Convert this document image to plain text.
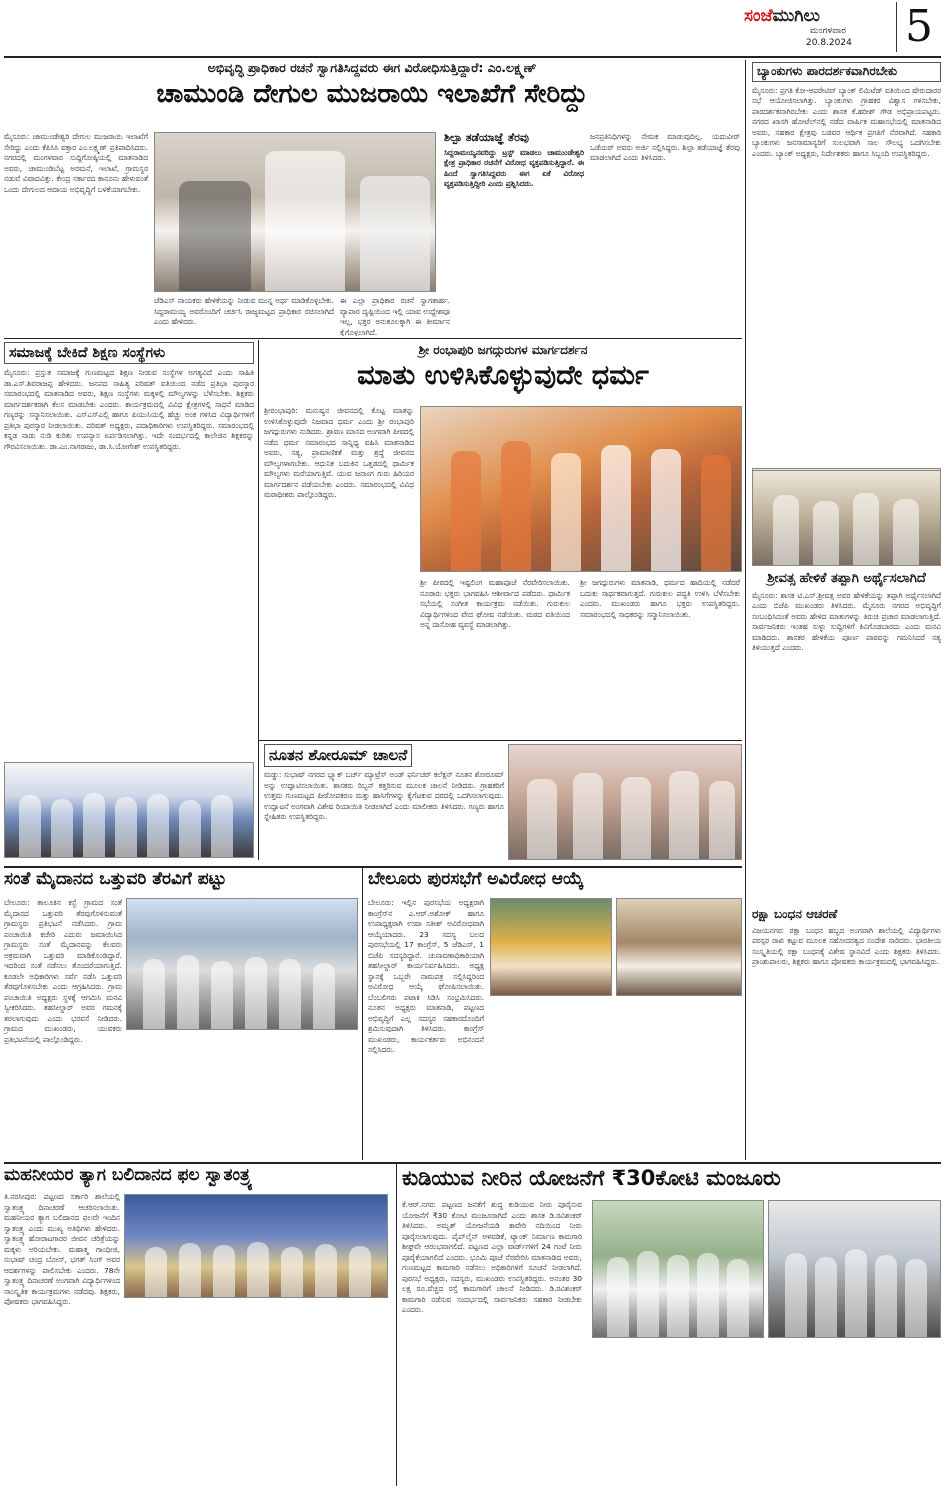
ಸಂಜೆಮುಗಿಲು
ಮಂಗಳವಾರ
20.8.2024 5
ಅಭಿವೃದ್ಧಿ ಪ್ರಾಧಿಕಾರ ರಚನೆ ಸ್ವಾಗತಿಸಿದ್ದವರು ಈಗ ವಿರೋಧಿಸುತ್ತಿದ್ದಾರೆ: ಎಂ.ಲಕ್ಷ್ಮಣ್
ಚಾಮುಂಡಿ ದೇಗುಲ ಮುಜರಾಯಿ ಇಲಾಖೆಗೆ ಸೇರಿದ್ದು
ಮೈಸೂರು: ಚಾಮುಂಡೇಶ್ವರಿ ದೇಗುಲ ಮುಜರಾಯಿ ಇಲಾಖೆಗೆ ಸೇರಿದ್ದು ಎಂದು ಕೆಪಿಸಿಸಿ ವಕ್ತಾರ ಎಂ.ಲಕ್ಷ್ಮಣ್ ಪ್ರತಿಪಾದಿಸಿದರು. ನಗರದಲ್ಲಿ ಮಂಗಳವಾರ ಸುದ್ದಿಗೋಷ್ಠಿಯಲ್ಲಿ ಮಾತನಾಡಿದ ಅವರು, ಚಾಮುಂಡಿಬೆಟ್ಟ ಅರಮನೆ, ಇಲಾಖೆ, ಗ್ರಾಮಸ್ಥರ ನಡುವೆ ವಿವಾದವಿತ್ತು. ಕೇಂದ್ರ ಸರ್ಕಾರದ ಕಾನೂನು ಹೇಳುವಂತೆ ಒಂದು ದೇಗುಲದ ಆದಾಯ ಅಭಿವೃದ್ಧಿಗೆ ಬಳಕೆಯಾಗಬೇಕು.
ಜೆಡಿಎಸ್ ನಾಯಕರು ಹೇಳಿಕೆಯನ್ನು ನೀಡುವ ಮುನ್ನ ಅರ್ಥ ಮಾಡಿಕೊಳ್ಳಬೇಕು. ಸಿದ್ದರಾಮಯ್ಯ ಅವರೊಂದಿಗೆ ಚರ್ಚಿಸಿ ರಾಜ್ಯಮಟ್ಟದ ಪ್ರಾಧಿಕಾರ ರಚಿಸಲಾಗಿದೆ ಎಂದು ಹೇಳಿದರು.
ಈ ಎಲ್ಲಾ ಪ್ರಾಧಿಕಾರ ರಚನೆ ಸ್ವಾಗತಾರ್ಹ. ವ್ಯಾಪಾರ ದೃಷ್ಟಿಯಿಂದ ಇಲ್ಲಿ ಯಾವ ಉದ್ದೇಶವೂ ಇಲ್ಲ, ಭಕ್ತರ ಅನುಕೂಲಕ್ಕಾಗಿ ಈ ತೀರ್ಮಾನ ಕೈಗೊಳ್ಳಲಾಗಿದೆ.
ಶಿಲ್ಪಾ ತಡೆಯಾಜ್ಞೆ ತೆರವು
ಸಿದ್ದರಾಮಯ್ಯನವರಿದ್ದು ಟ್ರಸ್ಟ್ ಮಾಡಲು ಚಾಮುಂಡೇಶ್ವರಿ ಕ್ಷೇತ್ರ ಪ್ರಾಧಿಕಾರ ರಚನೆಗೆ ವಿರೋಧ ವ್ಯಕ್ತಪಡಿಸುತ್ತಿದ್ದಾರೆ. ಈ ಹಿಂದೆ ಸ್ವಾಗತಿಸಿದ್ದವರು ಈಗ ಏಕೆ ವಿರೋಧ ವ್ಯಕ್ತಪಡಿಸುತ್ತಿದ್ದೀರಿ ಎಂದು ಪ್ರಶ್ನಿಸಿದರು.
ಜನಪ್ರತಿನಿಧಿಗಳನ್ನು ನೇಮಕ ಮಾಡುವುದಿಲ್ಲ. ಯದುವೀರ್ ಒಡೆಯರ್ ಅವರು ಅರ್ಜಿ ಸಲ್ಲಿಸಿದ್ದರು. ಶಿಲ್ಪಾ ತಡೆಯಾಜ್ಞೆ ತೆರವು ಮಾಡಲಾಗಿದೆ ಎಂದು ತಿಳಿಸಿದರು.
ಬ್ಯಾಂಕುಗಳು ಪಾರದರ್ಶಕವಾಗಿರಬೇಕು
ಮೈಸೂರು: ಪ್ರಗತಿ ಕೋ-ಆಪರೇಟಿವ್ ಬ್ಯಾಂಕ್ ಲಿಮಿಟೆಡ್ ವತಿಯಿಂದ ಷೇರುದಾರರ ಸಭೆ ಆಯೋಜಿಸಲಾಗಿತ್ತು. ಬ್ಯಾಂಕುಗಳು ಗ್ರಾಹಕರ ವಿಶ್ವಾಸ ಗಳಿಸಬೇಕು, ಪಾರದರ್ಶಕವಾಗಿರಬೇಕು ಎಂದು ಶಾಸಕ ಕೆ.ಹರೀಶ್ ಗೌಡ ಅಭಿಪ್ರಾಯಪಟ್ಟರು. ನಗರದ ಖಾಸಗಿ ಹೋಟೆಲ್‌ನಲ್ಲಿ ನಡೆದ ವಾರ್ಷಿಕ ಮಹಾಸಭೆಯಲ್ಲಿ ಮಾತನಾಡಿದ ಅವರು, ಸಹಕಾರ ಕ್ಷೇತ್ರವು ಬಡವರ ಆರ್ಥಿಕ ಪ್ರಗತಿಗೆ ನೆರವಾಗಿದೆ. ಸಹಕಾರಿ ಬ್ಯಾಂಕುಗಳು ಜನಸಾಮಾನ್ಯರಿಗೆ ಸುಲಭವಾಗಿ ಸಾಲ ಸೌಲಭ್ಯ ಒದಗಿಸಬೇಕು ಎಂದರು. ಬ್ಯಾಂಕ್ ಅಧ್ಯಕ್ಷರು, ನಿರ್ದೇಶಕರು ಹಾಗೂ ಸಿಬ್ಬಂದಿ ಉಪಸ್ಥಿತರಿದ್ದರು.
ಶ್ರೀವತ್ಸ ಹೇಳಿಕೆ ತಪ್ಪಾಗಿ ಅರ್ಥೈಸಲಾಗಿದೆ
ಮೈಸೂರು: ಶಾಸಕ ಟಿ.ಎಸ್.ಶ್ರೀವತ್ಸ ಅವರ ಹೇಳಿಕೆಯನ್ನು ತಪ್ಪಾಗಿ ಅರ್ಥೈಸಲಾಗಿದೆ ಎಂದು ಬಿಜೆಪಿ ಮುಖಂಡರು ತಿಳಿಸಿದರು. ಮೈಸೂರು ನಗರದ ಅಭಿವೃದ್ಧಿಗೆ ಸಂಬಂಧಿಸಿದಂತೆ ಅವರು ಹೇಳಿದ ಮಾತುಗಳನ್ನು ತಿರುಚಿ ಪ್ರಚಾರ ಮಾಡಲಾಗುತ್ತಿದೆ. ಸಾರ್ವಜನಿಕರು ಇಂತಹ ಸುಳ್ಳು ಸುದ್ದಿಗಳಿಗೆ ಕಿವಿಗೊಡಬಾರದು ಎಂದು ಮನವಿ ಮಾಡಿದರು. ಶಾಸಕರ ಹೇಳಿಕೆಯ ಪೂರ್ಣ ಪಾಠವನ್ನು ಗಮನಿಸಿದರೆ ಸತ್ಯ ತಿಳಿಯುತ್ತದೆ ಎಂದರು.
ರಕ್ಷಾ ಬಂಧನ ಆಚರಣೆ
ವಿಜಯನಗರ: ರಕ್ಷಾ ಬಂಧನ ಹಬ್ಬದ ಅಂಗವಾಗಿ ಶಾಲೆಯಲ್ಲಿ ವಿದ್ಯಾರ್ಥಿಗಳು ಪರಸ್ಪರ ರಾಖಿ ಕಟ್ಟುವ ಮೂಲಕ ಸಹೋದರತ್ವದ ಸಂದೇಶ ಸಾರಿದರು. ಭಾರತೀಯ ಸಂಸ್ಕೃತಿಯಲ್ಲಿ ರಕ್ಷಾ ಬಂಧನಕ್ಕೆ ವಿಶೇಷ ಸ್ಥಾನವಿದೆ ಎಂದು ಶಿಕ್ಷಕರು ತಿಳಿಸಿದರು. ಪ್ರಾಂಶುಪಾಲರು, ಶಿಕ್ಷಕರು ಹಾಗೂ ಪೋಷಕರು ಕಾರ್ಯಕ್ರಮದಲ್ಲಿ ಭಾಗವಹಿಸಿದ್ದರು.
ಸಮಾಜಕ್ಕೆ ಬೇಕಿದೆ ಶಿಕ್ಷಣ ಸಂಸ್ಥೆಗಳು
ಮೈಸೂರು: ಪ್ರಸ್ತುತ ಸಮಾಜಕ್ಕೆ ಗುಣಮಟ್ಟದ ಶಿಕ್ಷಣ ನೀಡುವ ಸಂಸ್ಥೆಗಳ ಅಗತ್ಯವಿದೆ ಎಂದು ಸಾಹಿತಿ ಡಾ.ಎಸ್.ಶಿವರಾಜಪ್ಪ ಹೇಳಿದರು. ಜನಪದ ಸಾಹಿತ್ಯ ಪರಿಷತ್ ವತಿಯಿಂದ ನಡೆದ ಪ್ರತಿಭಾ ಪುರಸ್ಕಾರ ಸಮಾರಂಭದಲ್ಲಿ ಮಾತನಾಡಿದ ಅವರು, ಶಿಕ್ಷಣ ಸಂಸ್ಥೆಗಳು ಮಕ್ಕಳಲ್ಲಿ ಮೌಲ್ಯಗಳನ್ನು ಬೆಳೆಸಬೇಕು. ಶಿಕ್ಷಕರು ಮಾರ್ಗದರ್ಶಕರಾಗಿ ಕೆಲಸ ಮಾಡಬೇಕು ಎಂದರು. ಕಾರ್ಯಕ್ರಮದಲ್ಲಿ ವಿವಿಧ ಕ್ಷೇತ್ರಗಳಲ್ಲಿ ಸಾಧನೆ ಮಾಡಿದ ಗಣ್ಯರನ್ನು ಸನ್ಮಾನಿಸಲಾಯಿತು. ಎಸ್ಎಸ್ಎಲ್ಸಿ ಹಾಗೂ ಪಿಯುಸಿಯಲ್ಲಿ ಹೆಚ್ಚು ಅಂಕ ಗಳಿಸಿದ ವಿದ್ಯಾರ್ಥಿಗಳಿಗೆ ಪ್ರತಿಭಾ ಪುರಸ್ಕಾರ ನೀಡಲಾಯಿತು. ಪರಿಷತ್ ಅಧ್ಯಕ್ಷರು, ಪದಾಧಿಕಾರಿಗಳು ಉಪಸ್ಥಿತರಿದ್ದರು. ಸಮಾರಂಭದಲ್ಲಿ ಕನ್ನಡ ನಾಡು ನುಡಿ ಕುರಿತು ಉಪನ್ಯಾಸ ಏರ್ಪಡಿಸಲಾಗಿತ್ತು. ಇದೇ ಸಂದರ್ಭದಲ್ಲಿ ಕಾಲೇಜಿನ ಶಿಕ್ಷಕರನ್ನು ಗೌರವಿಸಲಾಯಿತು. ಡಾ.ಎಂ.ನಾಗರಾಜು, ಡಾ.ಸಿ.ಯೋಗೇಶ್ ಉಪಸ್ಥಿತರಿದ್ದರು.
ಶ್ರೀ ರಂಭಾಪುರಿ ಜಗದ್ಗುರುಗಳ ಮಾರ್ಗದರ್ಶನ
ಮಾತು ಉಳಿಸಿಕೊಳ್ಳುವುದೇ ಧರ್ಮ
ಶ್ರೀರಂಭಾಪುರಿ: ಮನುಷ್ಯನ ಜೀವನದಲ್ಲಿ ಕೊಟ್ಟ ಮಾತನ್ನು ಉಳಿಸಿಕೊಳ್ಳುವುದೇ ನಿಜವಾದ ಧರ್ಮ ಎಂದು ಶ್ರೀ ರಂಭಾಪುರಿ ಜಗದ್ಗುರುಗಳು ನುಡಿದರು. ಶ್ರಾವಣ ಮಾಸದ ಅಂಗವಾಗಿ ಪೀಠದಲ್ಲಿ ನಡೆದ ಧರ್ಮ ಸಮಾರಂಭದ ಸಾನ್ನಿಧ್ಯ ವಹಿಸಿ ಮಾತನಾಡಿದ ಅವರು, ಸತ್ಯ, ಪ್ರಾಮಾಣಿಕತೆ ಮತ್ತು ಶ್ರದ್ಧೆ ಜೀವನದ ಮೌಲ್ಯಗಳಾಗಬೇಕು. ಆಧುನಿಕ ಬದುಕಿನ ಒತ್ತಡದಲ್ಲಿ ಧಾರ್ಮಿಕ ಮೌಲ್ಯಗಳು ಮರೆಯಾಗುತ್ತಿವೆ. ಯುವ ಜನಾಂಗ ಗುರು ಹಿರಿಯರ ಮಾರ್ಗದರ್ಶನ ಪಡೆಯಬೇಕು ಎಂದರು. ಸಮಾರಂಭದಲ್ಲಿ ವಿವಿಧ ಮಠಾಧೀಶರು ಪಾಲ್ಗೊಂಡಿದ್ದರು.
ಶ್ರೀ ಪೀಠದಲ್ಲಿ ಇಷ್ಟಲಿಂಗ ಮಹಾಪೂಜೆ ನೆರವೇರಿಸಲಾಯಿತು. ನೂರಾರು ಭಕ್ತರು ಭಾಗವಹಿಸಿ ಆಶೀರ್ವಾದ ಪಡೆದರು. ಧಾರ್ಮಿಕ ಸಭೆಯಲ್ಲಿ ಸಂಗೀತ ಕಾರ್ಯಕ್ರಮ ನಡೆಯಿತು. ಗುರುಕುಲ ವಿದ್ಯಾರ್ಥಿಗಳಿಂದ ವೇದ ಘೋಷ ನಡೆಯಿತು. ಮಠದ ವತಿಯಿಂದ ಅನ್ನ ದಾಸೋಹ ವ್ಯವಸ್ಥೆ ಮಾಡಲಾಗಿತ್ತು.
ಶ್ರೀ ಜಗದ್ಗುರುಗಳು ಮಾತನಾಡಿ, ಧರ್ಮದ ಹಾದಿಯಲ್ಲಿ ನಡೆದರೆ ಬದುಕು ಸಾರ್ಥಕವಾಗುತ್ತದೆ. ಗುರುಕುಲ ಪದ್ಧತಿ ಉಳಿಸಿ ಬೆಳೆಸಬೇಕು ಎಂದರು. ಮುಖಂಡರು ಹಾಗೂ ಭಕ್ತರು ಉಪಸ್ಥಿತರಿದ್ದರು. ಸಮಾರಂಭದಲ್ಲಿ ಸಾಧಕರನ್ನು ಸನ್ಮಾನಿಸಲಾಯಿತು.
ನೂತನ ಶೋರೂಮ್ ಚಾಲನೆ
ಮಡ್ಡು: ಸುಭಾಷ್ ನಗರದ ಬ್ಲ್ಯಾಕ್ ಬರ್ಚ್ ಮ್ಯಾಟ್ರೆಸ್ ಅಂಡ್ ಫರ್ನಿಚರ್ ಕಲೆಕ್ಷನ್ ನೂತನ ಶೋರೂಮ್ ಅನ್ನು ಉದ್ಘಾಟಿಸಲಾಯಿತು. ಶಾಸಕರು ರಿಬ್ಬನ್ ಕತ್ತರಿಸುವ ಮೂಲಕ ಚಾಲನೆ ನೀಡಿದರು. ಗ್ರಾಹಕರಿಗೆ ಉತ್ತಮ ಗುಣಮಟ್ಟದ ಪೀಠೋಪಕರಣ ಮತ್ತು ಹಾಸಿಗೆಗಳನ್ನು ಕೈಗೆಟಕುವ ದರದಲ್ಲಿ ಒದಗಿಸಲಾಗುವುದು. ಉದ್ಘಾಟನೆ ಅಂಗವಾಗಿ ವಿಶೇಷ ರಿಯಾಯಿತಿ ನೀಡಲಾಗಿದೆ ಎಂದು ಮಾಲೀಕರು ತಿಳಿಸಿದರು. ಗಣ್ಯರು ಹಾಗೂ ಸ್ನೇಹಿತರು ಉಪಸ್ಥಿತರಿದ್ದರು.
ಸಂತೆ ಮೈದಾನದ ಒತ್ತುವರಿ ತೆರವಿಗೆ ಪಟ್ಟು
ಬೇಲೂರು: ತಾಲೂಕಿನ ಕಸ್ಬೆ ಗ್ರಾಮದ ಸಂತೆ ಮೈದಾನದ ಒತ್ತುವರಿ ತೆರವುಗೊಳಿಸುವಂತೆ ಗ್ರಾಮಸ್ಥರು ಪ್ರತಿಭಟನೆ ನಡೆಸಿದರು. ಗ್ರಾಮ ಪಂಚಾಯಿತಿ ಕಚೇರಿ ಎದುರು ಜಮಾಯಿಸಿದ ಗ್ರಾಮಸ್ಥರು ಸಂತೆ ಮೈದಾನವನ್ನು ಕೆಲವರು ಅಕ್ರಮವಾಗಿ ಒತ್ತುವರಿ ಮಾಡಿಕೊಂಡಿದ್ದಾರೆ. ಇದರಿಂದ ಸಂತೆ ನಡೆಸಲು ತೊಂದರೆಯಾಗುತ್ತಿದೆ. ಕೂಡಲೇ ಅಧಿಕಾರಿಗಳು ಸರ್ವೆ ನಡೆಸಿ ಒತ್ತುವರಿ ತೆರವುಗೊಳಿಸಬೇಕು ಎಂದು ಆಗ್ರಹಿಸಿದರು. ಗ್ರಾಮ ಪಂಚಾಯಿತಿ ಅಧ್ಯಕ್ಷರು ಸ್ಥಳಕ್ಕೆ ಆಗಮಿಸಿ ಮನವಿ ಸ್ವೀಕರಿಸಿದರು. ತಹಸೀಲ್ದಾರ್ ಅವರ ಗಮನಕ್ಕೆ ತರಲಾಗುವುದು ಎಂದು ಭರವಸೆ ನೀಡಿದರು. ಗ್ರಾಮದ ಮುಖಂಡರು, ಯುವಕರು ಪ್ರತಿಭಟನೆಯಲ್ಲಿ ಪಾಲ್ಗೊಂಡಿದ್ದರು.
ಬೇಲೂರು ಪುರಸಭೆಗೆ ಅವಿರೋಧ ಆಯ್ಕೆ
ಬೇಲೂರು: ಇಲ್ಲಿನ ಪುರಸಭೆಯ ಅಧ್ಯಕ್ಷರಾಗಿ ಕಾಂಗ್ರೆಸ್‌ನ ಎ.ಆರ್.ಅಶೋಕ್ ಹಾಗೂ ಉಪಾಧ್ಯಕ್ಷರಾಗಿ ಉಷಾ ಸತೀಶ್ ಅವಿರೋಧವಾಗಿ ಆಯ್ಕೆಯಾದರು. 23 ಸದಸ್ಯ ಬಲದ ಪುರಸಭೆಯಲ್ಲಿ 17 ಕಾಂಗ್ರೆಸ್, 5 ಜೆಡಿಎಸ್, 1 ಬಿಜೆಪಿ ಸದಸ್ಯರಿದ್ದಾರೆ. ಚುನಾವಣಾಧಿಕಾರಿಯಾಗಿ ತಹಸೀಲ್ದಾರ್ ಕಾರ್ಯನಿರ್ವಹಿಸಿದರು. ಅಧ್ಯಕ್ಷ ಸ್ಥಾನಕ್ಕೆ ಒಬ್ಬರೇ ನಾಮಪತ್ರ ಸಲ್ಲಿಸಿದ್ದರಿಂದ ಅವಿರೋಧ ಆಯ್ಕೆ ಘೋಷಿಸಲಾಯಿತು. ಬೆಂಬಲಿಗರು ಪಟಾಕಿ ಸಿಡಿಸಿ ಸಂಭ್ರಮಿಸಿದರು. ನೂತನ ಅಧ್ಯಕ್ಷರು ಮಾತನಾಡಿ, ಪಟ್ಟಣದ ಅಭಿವೃದ್ಧಿಗೆ ಎಲ್ಲ ಸದಸ್ಯರ ಸಹಕಾರದೊಂದಿಗೆ ಶ್ರಮಿಸುವುದಾಗಿ ತಿಳಿಸಿದರು. ಕಾಂಗ್ರೆಸ್ ಮುಖಂಡರು, ಕಾರ್ಯಕರ್ತರು ಅಭಿನಂದನೆ ಸಲ್ಲಿಸಿದರು.
ಮಹನೀಯರ ತ್ಯಾಗ ಬಲಿದಾನದ ಫಲ ಸ್ವಾತಂತ್ರ್ಯ
ತಿ.ನರಸೀಪುರ: ಪಟ್ಟಣದ ಸರ್ಕಾರಿ ಶಾಲೆಯಲ್ಲಿ ಸ್ವಾತಂತ್ರ್ಯ ದಿನಾಚರಣೆ ಆಚರಿಸಲಾಯಿತು. ಮಹನೀಯರ ತ್ಯಾಗ ಬಲಿದಾನದ ಫಲವೇ ಇಂದಿನ ಸ್ವಾತಂತ್ರ್ಯ ಎಂದು ಮುಖ್ಯ ಅತಿಥಿಗಳು ಹೇಳಿದರು. ಸ್ವಾತಂತ್ರ್ಯ ಹೋರಾಟಗಾರರ ಜೀವನ ಚರಿತ್ರೆಯನ್ನು ಮಕ್ಕಳು ಅರಿಯಬೇಕು. ಮಹಾತ್ಮ ಗಾಂಧೀಜಿ, ಸುಭಾಷ್ ಚಂದ್ರ ಬೋಸ್, ಭಗತ್ ಸಿಂಗ್ ಅವರ ಆದರ್ಶಗಳನ್ನು ಪಾಲಿಸಬೇಕು ಎಂದರು. 78ನೇ ಸ್ವಾತಂತ್ರ್ಯ ದಿನಾಚರಣೆ ಅಂಗವಾಗಿ ವಿದ್ಯಾರ್ಥಿಗಳಿಂದ ಸಾಂಸ್ಕೃತಿಕ ಕಾರ್ಯಕ್ರಮಗಳು ನಡೆದವು. ಶಿಕ್ಷಕರು, ಪೋಷಕರು ಭಾಗವಹಿಸಿದ್ದರು.
ಕುಡಿಯುವ ನೀರಿನ ಯೋಜನೆಗೆ ₹30ಕೋಟಿ ಮಂಜೂರು
ಕೆ.ಆರ್.ನಗರ: ಪಟ್ಟಣದ ಜನತೆಗೆ ಶುದ್ಧ ಕುಡಿಯುವ ನೀರು ಪೂರೈಸುವ ಯೋಜನೆಗೆ ₹30 ಕೋಟಿ ಮಂಜೂರಾಗಿದೆ ಎಂದು ಶಾಸಕ ಡಿ.ರವಿಶಂಕರ್ ತಿಳಿಸಿದರು. ಅಮೃತ್ ಯೋಜನೆಯಡಿ ಕಾವೇರಿ ನದಿಯಿಂದ ನೀರು ಪೂರೈಸಲಾಗುವುದು. ಪೈಪ್‌ಲೈನ್ ಅಳವಡಿಕೆ, ಟ್ಯಾಂಕ್ ನಿರ್ಮಾಣ ಕಾಮಗಾರಿ ಶೀಘ್ರವೇ ಆರಂಭವಾಗಲಿದೆ. ಪಟ್ಟಣದ ಎಲ್ಲಾ ವಾರ್ಡ್‌ಗಳಿಗೆ 24 ಗಂಟೆ ನೀರು ಪೂರೈಕೆಯಾಗಲಿದೆ ಎಂದರು. ಭೂಮಿ ಪೂಜೆ ನೆರವೇರಿಸಿ ಮಾತನಾಡಿದ ಅವರು, ಗುಣಮಟ್ಟದ ಕಾಮಗಾರಿ ನಡೆಸಲು ಅಧಿಕಾರಿಗಳಿಗೆ ಸೂಚನೆ ನೀಡಲಾಗಿದೆ. ಪುರಸಭೆ ಅಧ್ಯಕ್ಷರು, ಸದಸ್ಯರು, ಮುಖಂಡರು ಉಪಸ್ಥಿತರಿದ್ದರು. ಅನಂತರ 30 ಲಕ್ಷ ರೂ.ವೆಚ್ಚದ ರಸ್ತೆ ಕಾಮಗಾರಿಗೆ ಚಾಲನೆ ನೀಡಿದರು. ಡಿ.ರವಿಶಂಕರ್ ಕಾಮಗಾರಿ ನಡೆಸುವ ಸಂದರ್ಭದಲ್ಲಿ ಸಾರ್ವಜನಿಕರು ಸಹಕಾರ ನೀಡಬೇಕು ಎಂದರು.
